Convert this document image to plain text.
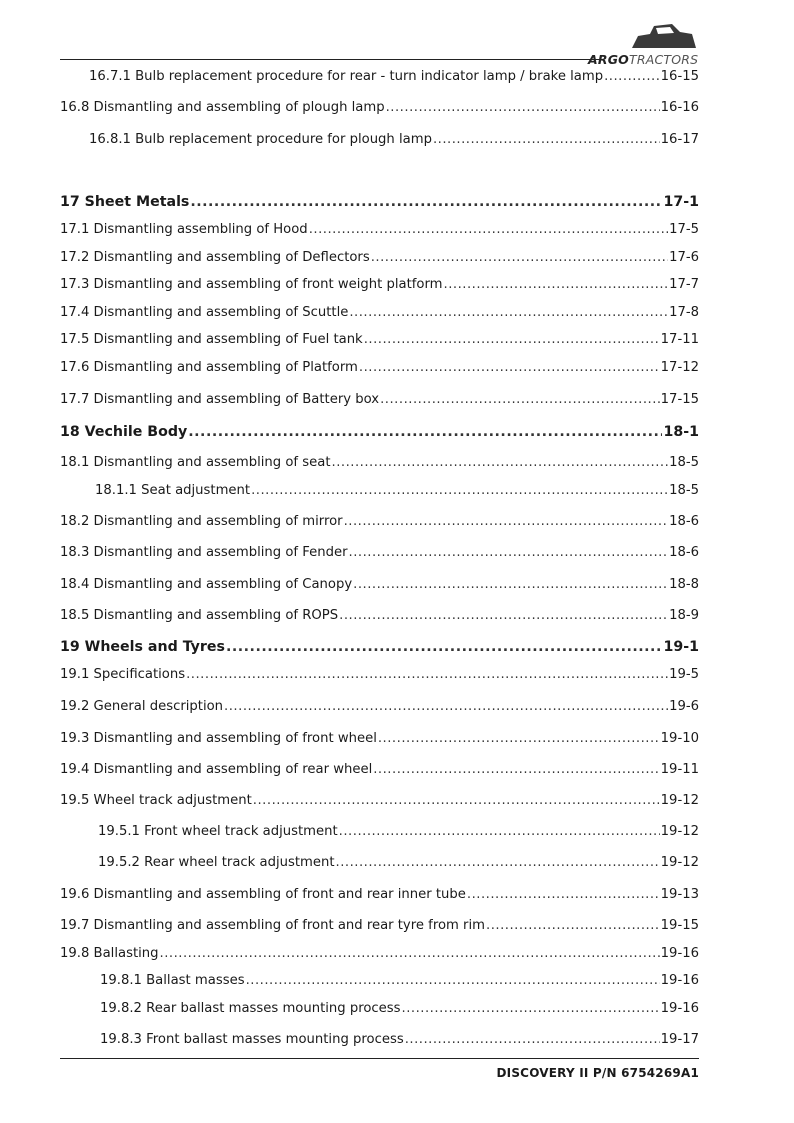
ARGOTRACTORS
16.7.1 Bulb replacement procedure for rear - turn indicator lamp / brake lamp .....	16-15
16.8 Dismantling and assembling of plough lamp .....	16-16
16.8.1 Bulb replacement procedure for plough lamp .....	16-17
17 Sheet Metals .....	17-1
17.1 Dismantling assembling of Hood .....	17-5
17.2 Dismantling and assembling of Deflectors .....	17-6
17.3 Dismantling and assembling of front weight platform .....	17-7
17.4 Dismantling and assembling of Scuttle .....	17-8
17.5 Dismantling and assembling of Fuel tank .....	17-11
17.6 Dismantling and assembling of Platform .....	17-12
17.7 Dismantling and assembling of Battery box .....	17-15
18 Vechile Body .....	18-1
18.1 Dismantling and assembling of seat .....	18-5
18.1.1 Seat adjustment .....	18-5
18.2 Dismantling and assembling of mirror .....	18-6
18.3 Dismantling and assembling of Fender .....	18-6
18.4 Dismantling and assembling of Canopy .....	18-8
18.5 Dismantling and assembling of ROPS .....	18-9
19 Wheels and Tyres .....	19-1
19.1 Specifications .....	19-5
19.2 General description .....	19-6
19.3 Dismantling and assembling of front wheel .....	19-10
19.4 Dismantling and assembling of rear wheel .....	19-11
19.5 Wheel track adjustment .....	19-12
19.5.1 Front wheel track adjustment .....	19-12
19.5.2 Rear wheel track adjustment .....	19-12
19.6 Dismantling and assembling of front and rear inner tube .....	19-13
19.7 Dismantling and assembling of front and rear tyre from rim .....	19-15
19.8 Ballasting .....	19-16
19.8.1 Ballast masses .....	19-16
19.8.2 Rear ballast masses mounting process .....	19-16
19.8.3 Front ballast masses mounting process .....	19-17
DISCOVERY II P/N 6754269A1
